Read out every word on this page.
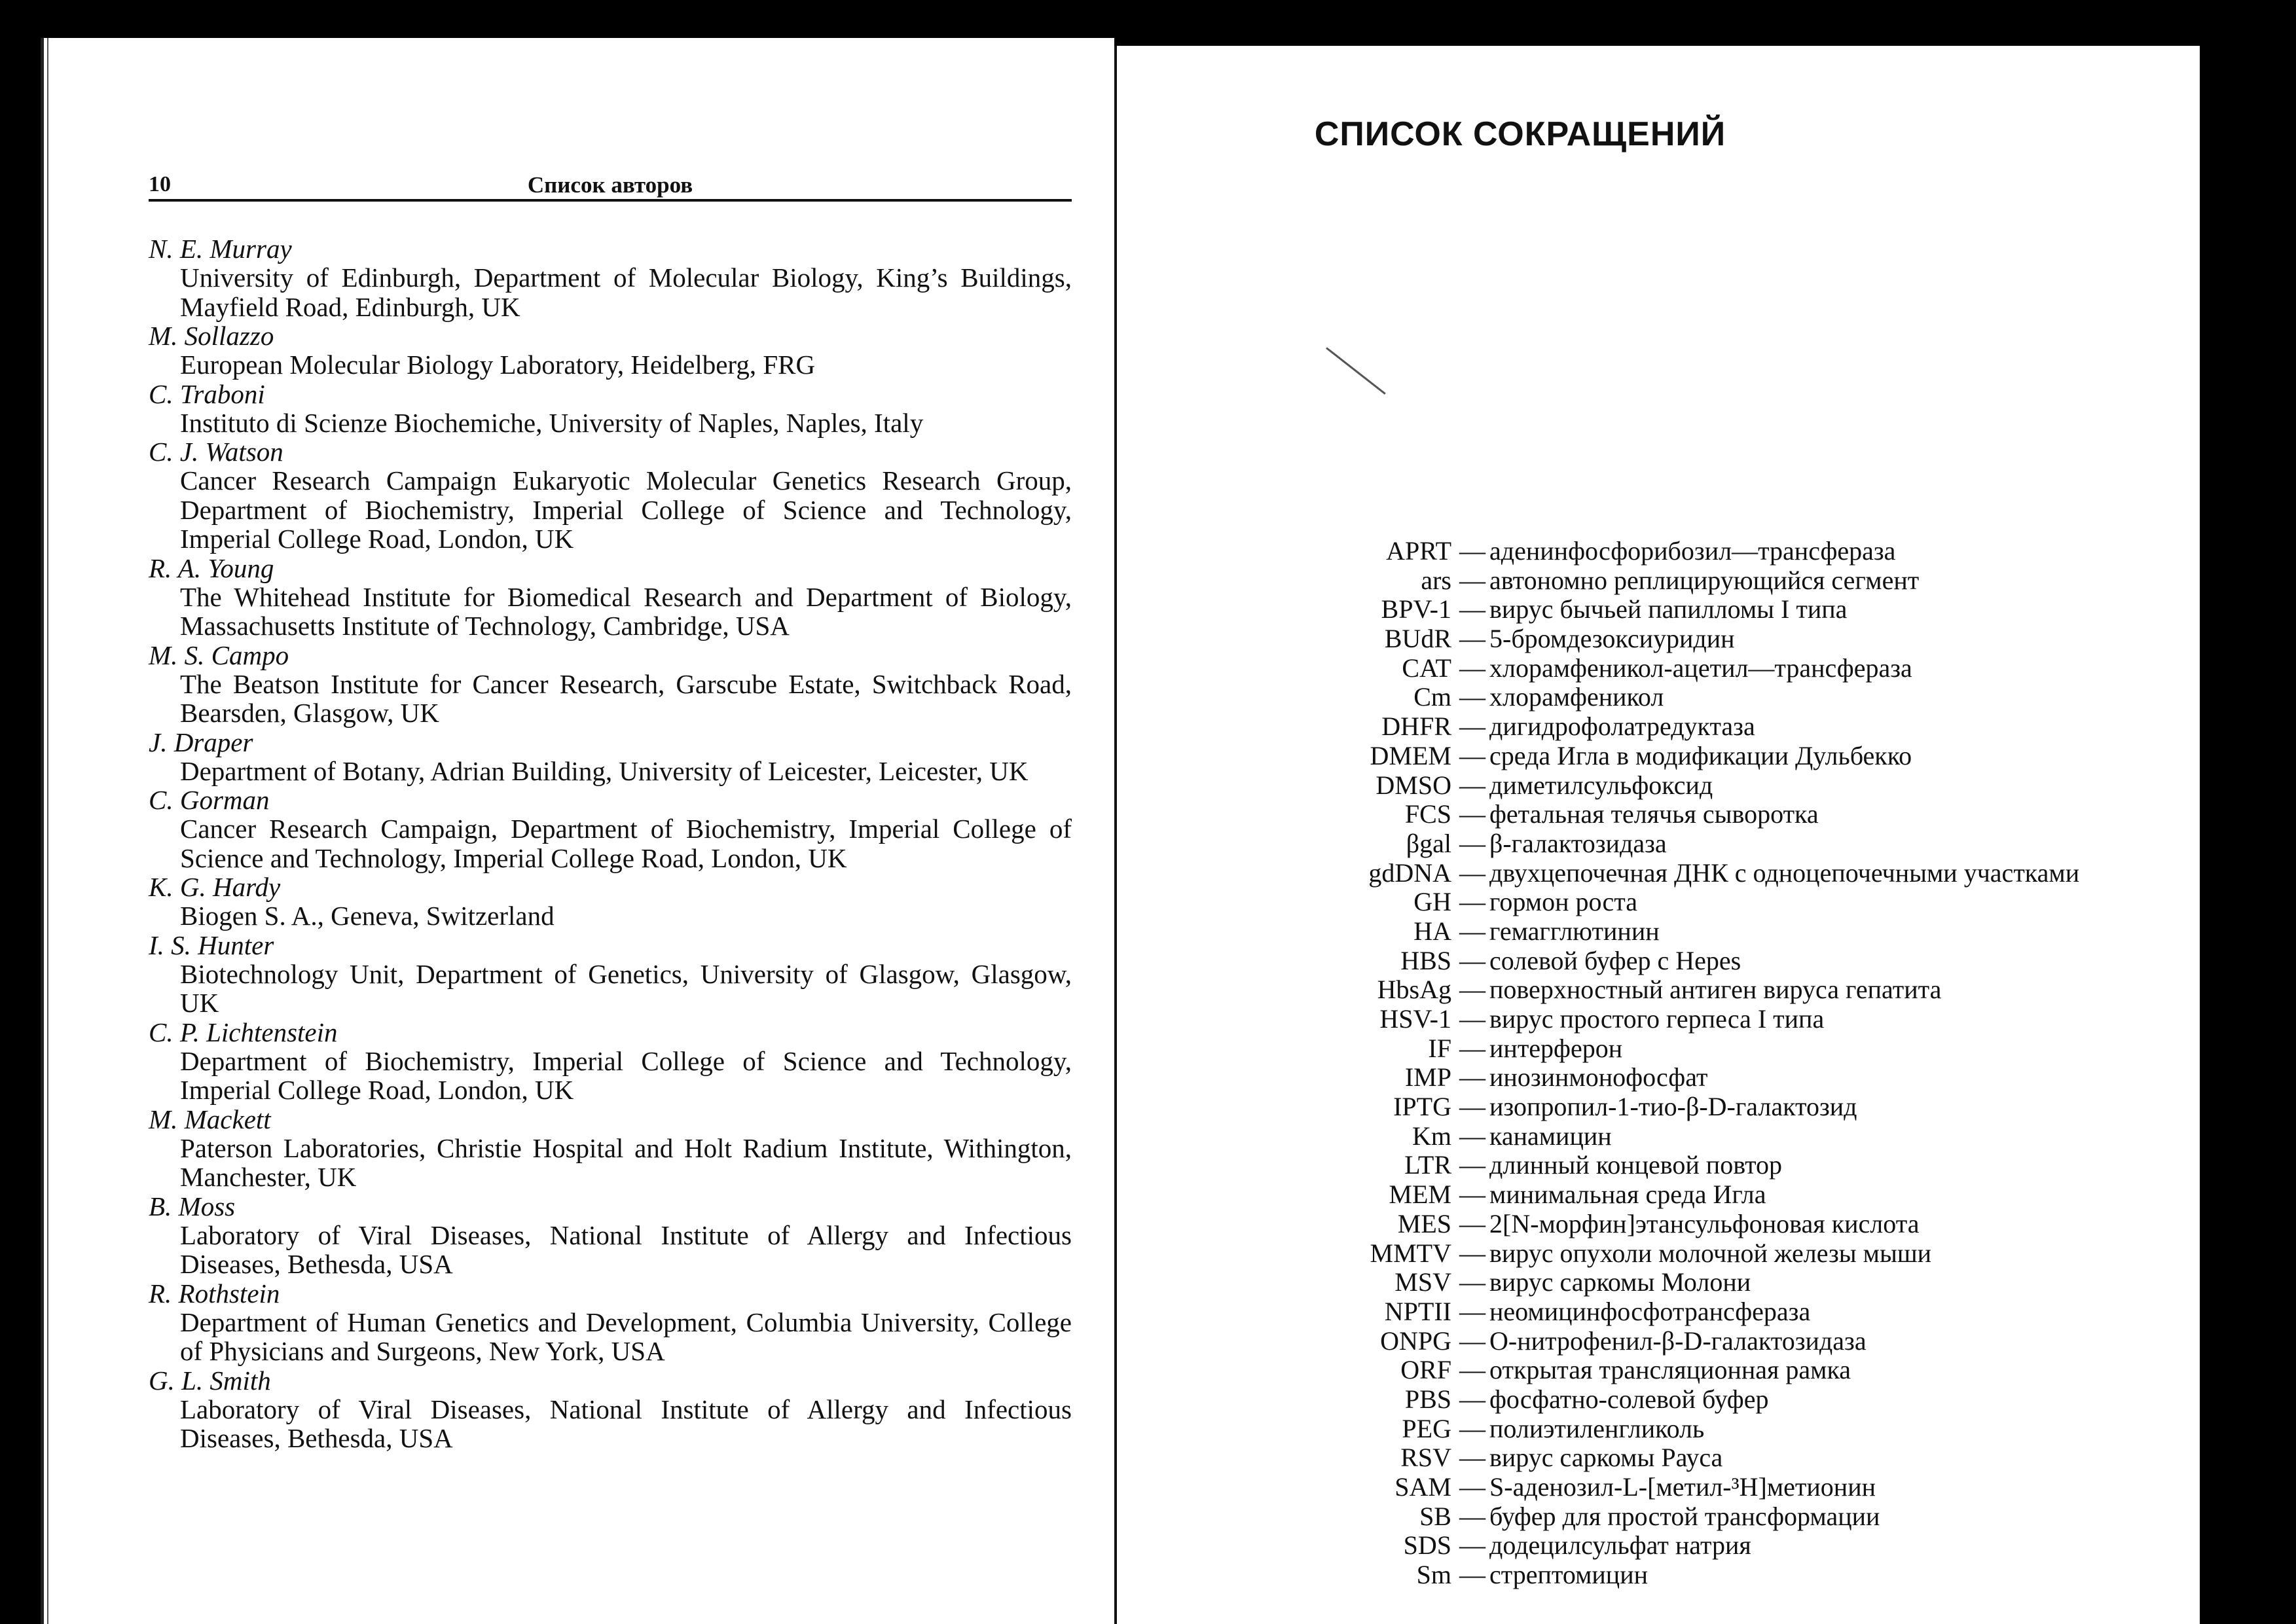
10	Список авторов
N. E. Murray
University of Edinburgh, Department of Molecular Biology, King’s Buildings, Mayfield Road, Edinburgh, UK
M. Sollazzo
European Molecular Biology Laboratory, Heidelberg, FRG
C. Traboni
Instituto di Scienze Biochemiche, University of Naples, Naples, Italy
C. J. Watson
Cancer Research Campaign Eukaryotic Molecular Genetics Research Group, Department of Biochemistry, Imperial College of Science and Technology, Imperial College Road, London, UK
R. A. Young
The Whitehead Institute for Biomedical Research and Department of Biology, Massachusetts Institute of Technology, Cambridge, USA
M. S. Campo
The Beatson Institute for Cancer Research, Garscube Estate, Switchback Road, Bearsden, Glasgow, UK
J. Draper
Department of Botany, Adrian Building, University of Leicester, Leicester, UK
C. Gorman
Cancer Research Campaign, Department of Biochemistry, Imperial College of Science and Technology, Imperial College Road, London, UK
K. G. Hardy
Biogen S. A., Geneva, Switzerland
I. S. Hunter
Biotechnology Unit, Department of Genetics, University of Glasgow, Glasgow, UK
C. P. Lichtenstein
Department of Biochemistry, Imperial College of Science and Technology, Imperial College Road, London, UK
M. Mackett
Paterson Laboratories, Christie Hospital and Holt Radium Institute, Withington, Manchester, UK
B. Moss
Laboratory of Viral Diseases, National Institute of Allergy and Infectious Diseases, Bethesda, USA
R. Rothstein
Department of Human Genetics and Development, Columbia University, College of Physicians and Surgeons, New York, USA
G. L. Smith
Laboratory of Viral Diseases, National Institute of Allergy and Infectious Diseases, Bethesda, USA
СПИСОК СОКРАЩЕНИЙ
APRT — аденинфосфорибозил—трансфераза
ars — автономно реплицирующийся сегмент
BPV-1 — вирус бычьей папилломы I типа
BUdR — 5-бромдезоксиуридин
CAT — хлорамфеникол-ацетил—трансфераза
Cm — хлорамфеникол
DHFR — дигидрофолатредуктаза
DMEM — среда Игла в модификации Дульбекко
DMSO — диметилсульфоксид
FCS — фетальная телячья сыворотка
βgal — β-галактозидаза
gdDNA — двухцепочечная ДНК с одноцепочечными участками
GH — гормон роста
HA — гемагглютинин
HBS — солевой буфер с Hepes
HbsAg — поверхностный антиген вируса гепатита
HSV-1 — вирус простого герпеса I типа
IF — интерферон
IMP — инозинмонофосфат
IPTG — изопропил-1-тио-β-D-галактозид
Km — канамицин
LTR — длинный концевой повтор
MEM — минимальная среда Игла
MES — 2[N-морфин]этансульфоновая кислота
MMTV — вирус опухоли молочной железы мыши
MSV — вирус саркомы Молони
NPTII — неомицинфосфотрансфераза
ONPG — О-нитрофенил-β-D-галактозидаза
ORF — открытая трансляционная рамка
PBS — фосфатно-солевой буфер
PEG — полиэтиленгликоль
RSV — вирус саркомы Рауса
SAM — S-аденозил-L-[метил-³H]метионин
SB — буфер для простой трансформации
SDS — додецилсульфат натрия
Sm — стрептомицин
